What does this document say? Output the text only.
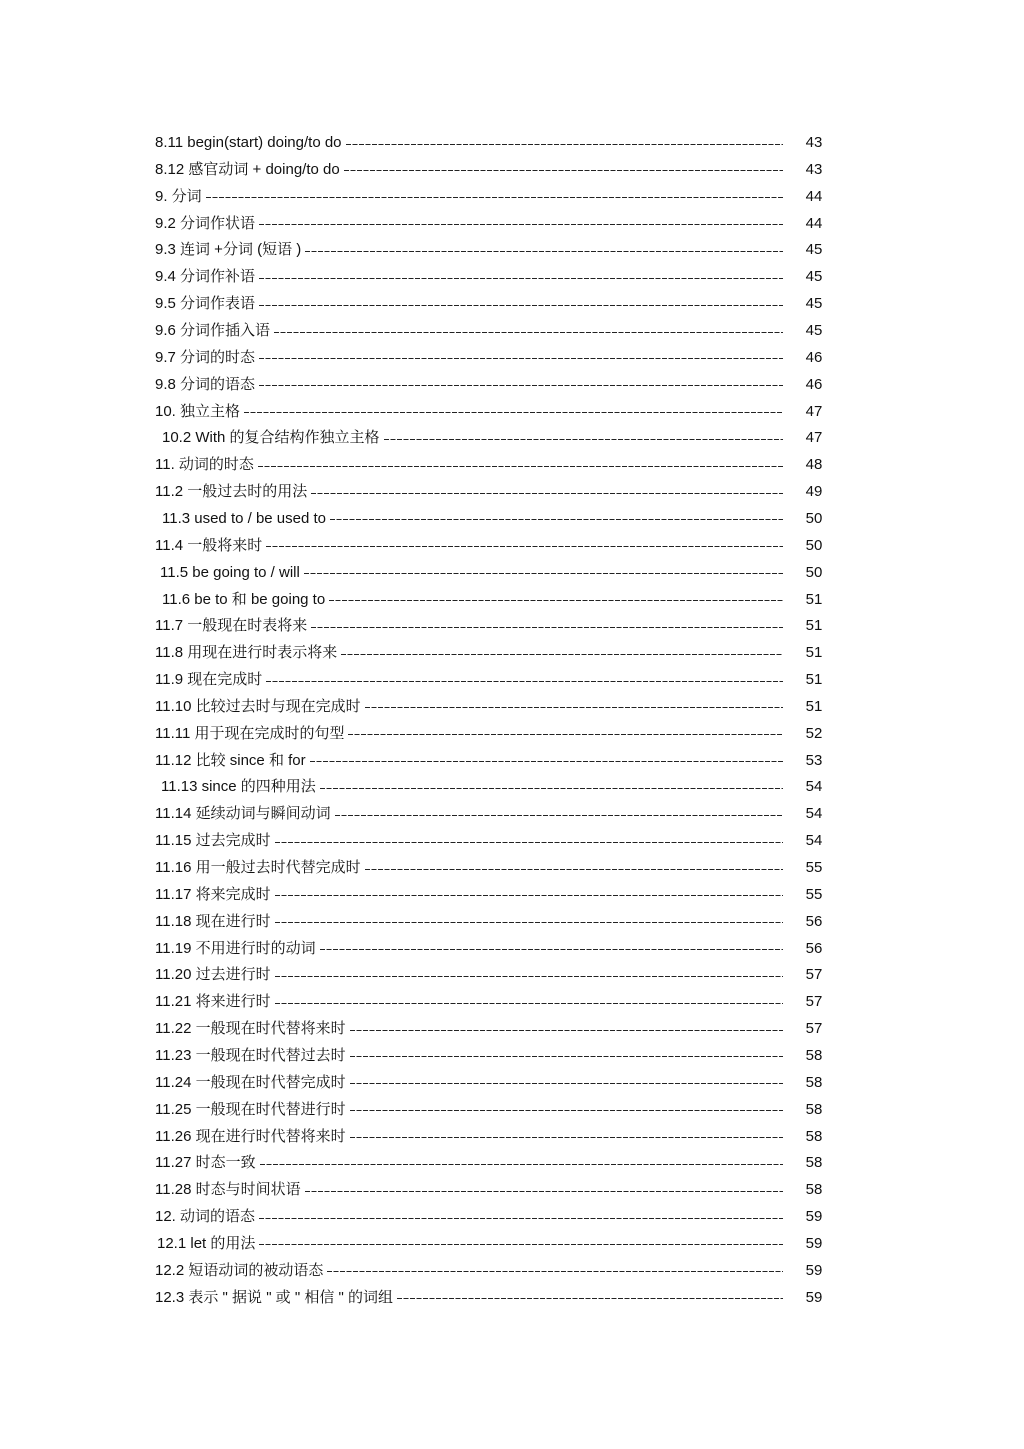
8.11 begin(start) doing/to do	43
8.12 感官动词 + doing/to do	43
9. 分词	44
9.2 分词作状语	44
9.3 连词 +分词 (短语 )	45
9.4 分词作补语	45
9.5 分词作表语	45
9.6 分词作插入语	45
9.7 分词的时态	46
9.8 分词的语态	46
10. 独立主格	47
10.2 With 的复合结构作独立主格	47
11. 动词的时态	48
11.2 一般过去时的用法	49
11.3 used to / be used to	50
11.4 一般将来时	50
11.5 be going to / will	50
11.6 be to 和 be going to	51
11.7 一般现在时表将来	51
11.8 用现在进行时表示将来	51
11.9 现在完成时	51
11.10 比较过去时与现在完成时	51
11.11 用于现在完成时的句型	52
11.12 比较 since 和 for	53
11.13 since 的四种用法	54
11.14 延续动词与瞬间动词	54
11.15 过去完成时	54
11.16 用一般过去时代替完成时	55
11.17 将来完成时	55
11.18 现在进行时	56
11.19 不用进行时的动词	56
11.20 过去进行时	57
11.21 将来进行时	57
11.22 一般现在时代替将来时	57
11.23 一般现在时代替过去时	58
11.24 一般现在时代替完成时	58
11.25 一般现在时代替进行时	58
11.26 现在进行时代替将来时	58
11.27 时态一致	58
11.28 时态与时间状语	58
12. 动词的语态	59
12.1 let 的用法	59
12.2 短语动词的被动语态	59
12.3 表示 " 据说 " 或 " 相信 " 的词组	59
